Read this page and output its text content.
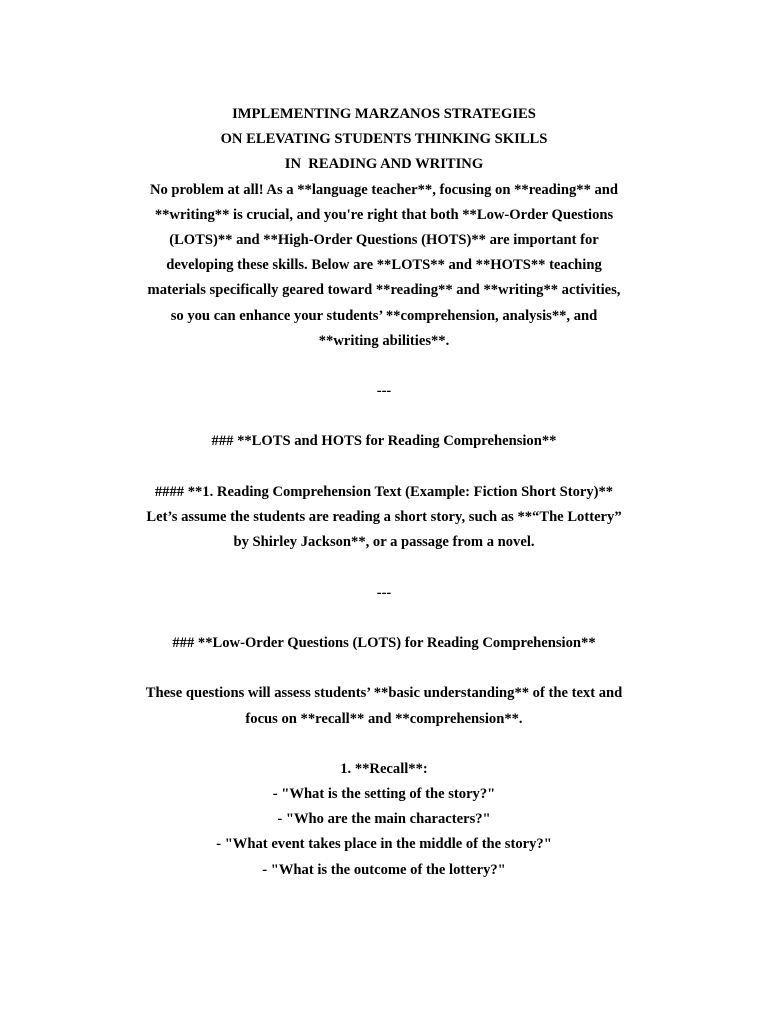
IMPLEMENTING MARZANOS STRATEGIES
ON ELEVATING STUDENTS THINKING SKILLS
IN  READING AND WRITING
No problem at all! As a **language teacher**, focusing on **reading** and
**writing** is crucial, and you're right that both **Low-Order Questions
(LOTS)** and **High-Order Questions (HOTS)** are important for
developing these skills. Below are **LOTS** and **HOTS** teaching
materials specifically geared toward **reading** and **writing** activities,
so you can enhance your students’ **comprehension, analysis**, and
**writing abilities**.
---
### **LOTS and HOTS for Reading Comprehension**
#### **1. Reading Comprehension Text (Example: Fiction Short Story)**
Let’s assume the students are reading a short story, such as **“The Lottery”
by Shirley Jackson**, or a passage from a novel.
---
### **Low-Order Questions (LOTS) for Reading Comprehension**
These questions will assess students’ **basic understanding** of the text and
focus on **recall** and **comprehension**.
1. **Recall**:
- "What is the setting of the story?"
- "Who are the main characters?"
- "What event takes place in the middle of the story?"
- "What is the outcome of the lottery?"
